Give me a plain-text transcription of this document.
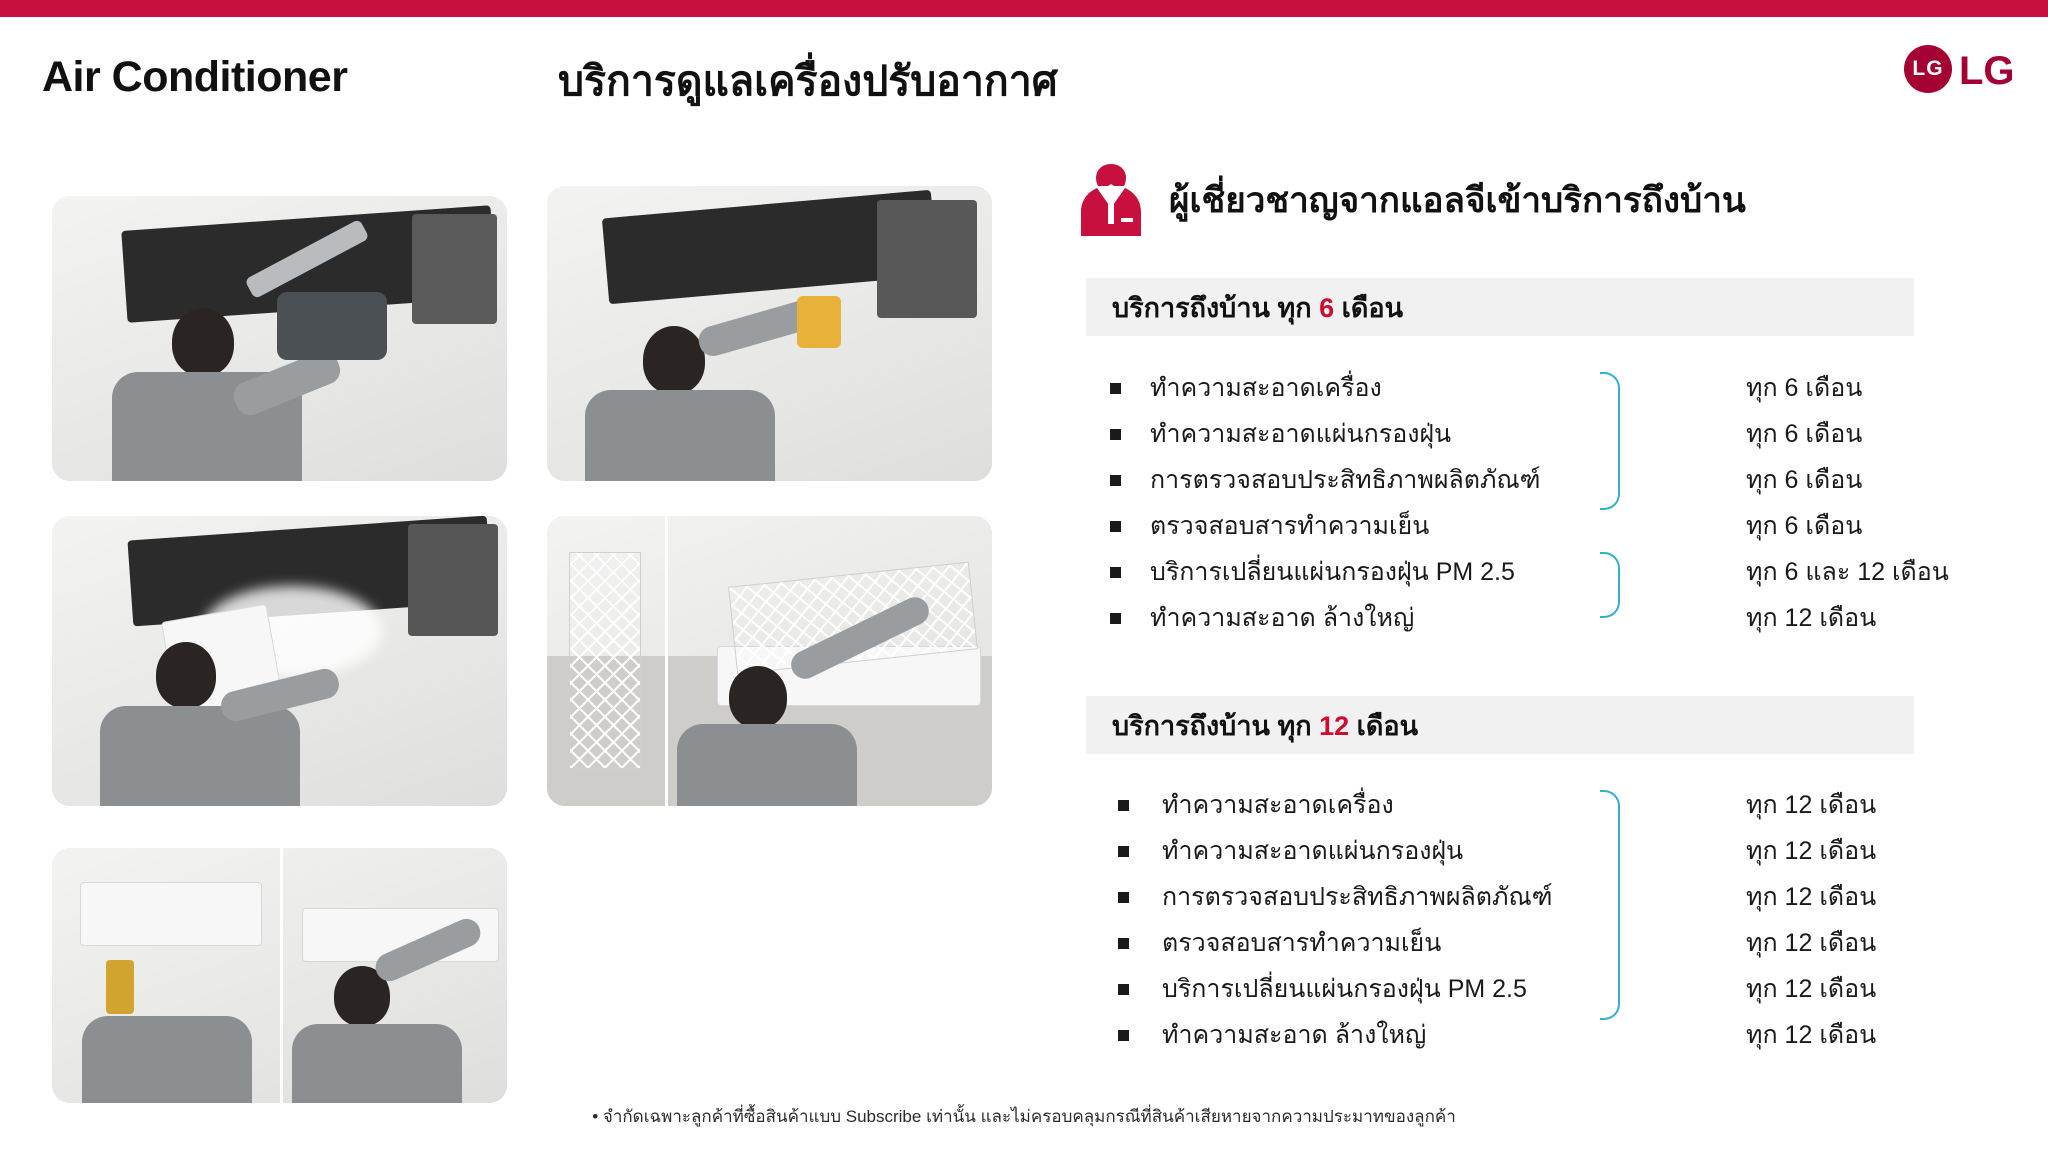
Air Conditioner	บริการดูแลเครื่องปรับอากาศ	LG LG
ผู้เชี่ยวชาญจากแอลจีเข้าบริการถึงบ้าน
บริการถึงบ้าน ทุก 6 เดือน
ทำความสะอาดเครื่อง	ทุก 6 เดือน
ทำความสะอาดแผ่นกรองฝุ่น	ทุก 6 เดือน
การตรวจสอบประสิทธิภาพผลิตภัณฑ์	ทุก 6 เดือน
ตรวจสอบสารทำความเย็น	ทุก 6 เดือน
บริการเปลี่ยนแผ่นกรองฝุ่น PM 2.5	ทุก 6 และ 12 เดือน
ทำความสะอาด ล้างใหญ่	ทุก 12 เดือน
บริการถึงบ้าน ทุก 12 เดือน
ทำความสะอาดเครื่อง	ทุก 12 เดือน
ทำความสะอาดแผ่นกรองฝุ่น	ทุก 12 เดือน
การตรวจสอบประสิทธิภาพผลิตภัณฑ์	ทุก 12 เดือน
ตรวจสอบสารทำความเย็น	ทุก 12 เดือน
บริการเปลี่ยนแผ่นกรองฝุ่น PM 2.5	ทุก 12 เดือน
ทำความสะอาด ล้างใหญ่	ทุก 12 เดือน
• จำกัดเฉพาะลูกค้าที่ซื้อสินค้าแบบ Subscribe เท่านั้น และไม่ครอบคลุมกรณีที่สินค้าเสียหายจากความประมาทของลูกค้า
